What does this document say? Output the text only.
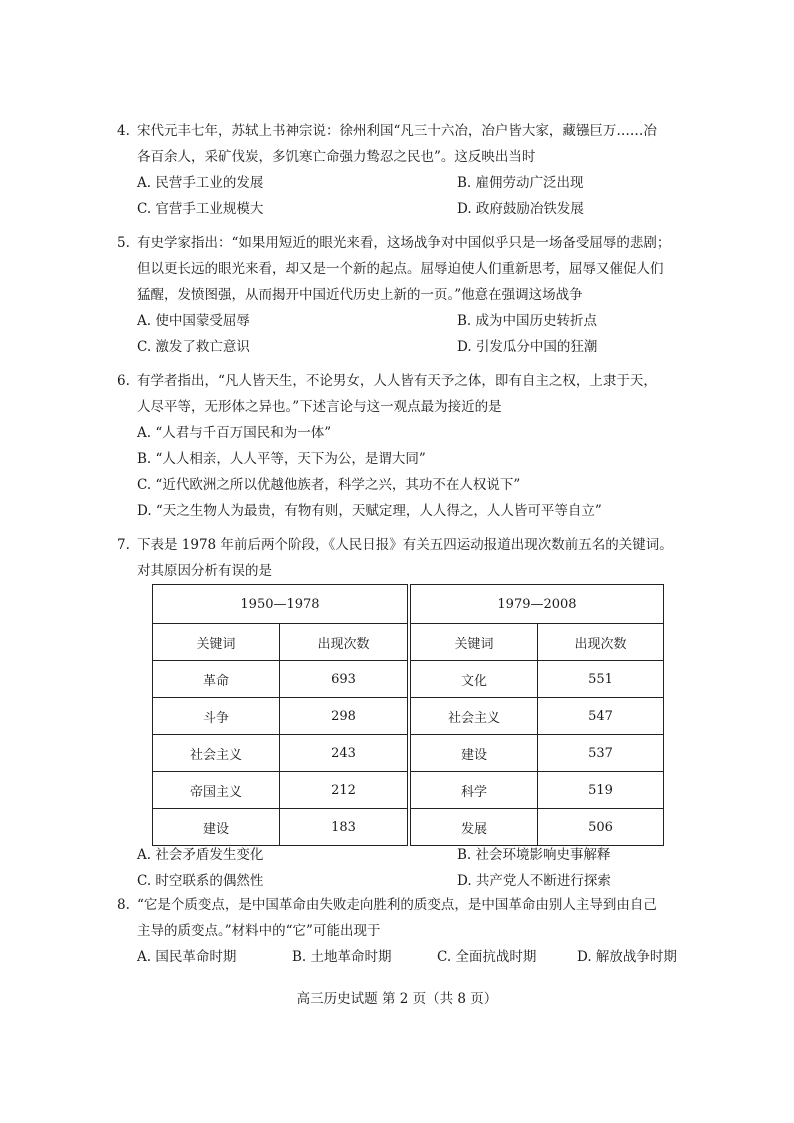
4. 宋代元丰七年，苏轼上书神宗说：徐州利国“凡三十六冶，冶户皆大家，藏镪巨万……冶
各百余人，采矿伐炭，多饥寒亡命强力鸷忍之民也”。这反映出当时
A. 民营手工业的发展	B. 雇佣劳动广泛出现
C. 官营手工业规模大	D. 政府鼓励冶铁发展
5. 有史学家指出：“如果用短近的眼光来看，这场战争对中国似乎只是一场备受屈辱的悲剧；
但以更长远的眼光来看，却又是一个新的起点。屈辱迫使人们重新思考，屈辱又催促人们
猛醒，发愤图强，从而揭开中国近代历史上新的一页。”他意在强调这场战争
A. 使中国蒙受屈辱	B. 成为中国历史转折点
C. 激发了救亡意识	D. 引发瓜分中国的狂潮
6. 有学者指出，“凡人皆天生，不论男女，人人皆有天予之体，即有自主之权，上隶于天，
人尽平等，无形体之异也。”下述言论与这一观点最为接近的是
A. “人君与千百万国民和为一体”
B. “人人相亲，人人平等，天下为公，是谓大同”
C. “近代欧洲之所以优越他族者，科学之兴，其功不在人权说下”
D. “天之生物人为最贵，有物有则，天赋定理，人人得之，人人皆可平等自立”
7. 下表是 1978 年前后两个阶段，《人民日报》有关五四运动报道出现次数前五名的关键词。
对其原因分析有误的是
1950—1978	
关键词	出现次数
革命	693
斗争	298
社会主义	243
帝国主义	212
建设	183
1979—2008	
关键词	出现次数
文化	551
社会主义	547
建设	537
科学	519
发展	506
A. 社会矛盾发生变化	B. 社会环境影响史事解释
C. 时空联系的偶然性	D. 共产党人不断进行探索
8. “它是个质变点，是中国革命由失败走向胜利的质变点，是中国革命由别人主导到由自己
主导的质变点。”材料中的“它”可能出现于
A. 国民革命时期	B. 土地革命时期	C. 全面抗战时期	D. 解放战争时期
高三历史试题 第 2 页（共 8 页）
